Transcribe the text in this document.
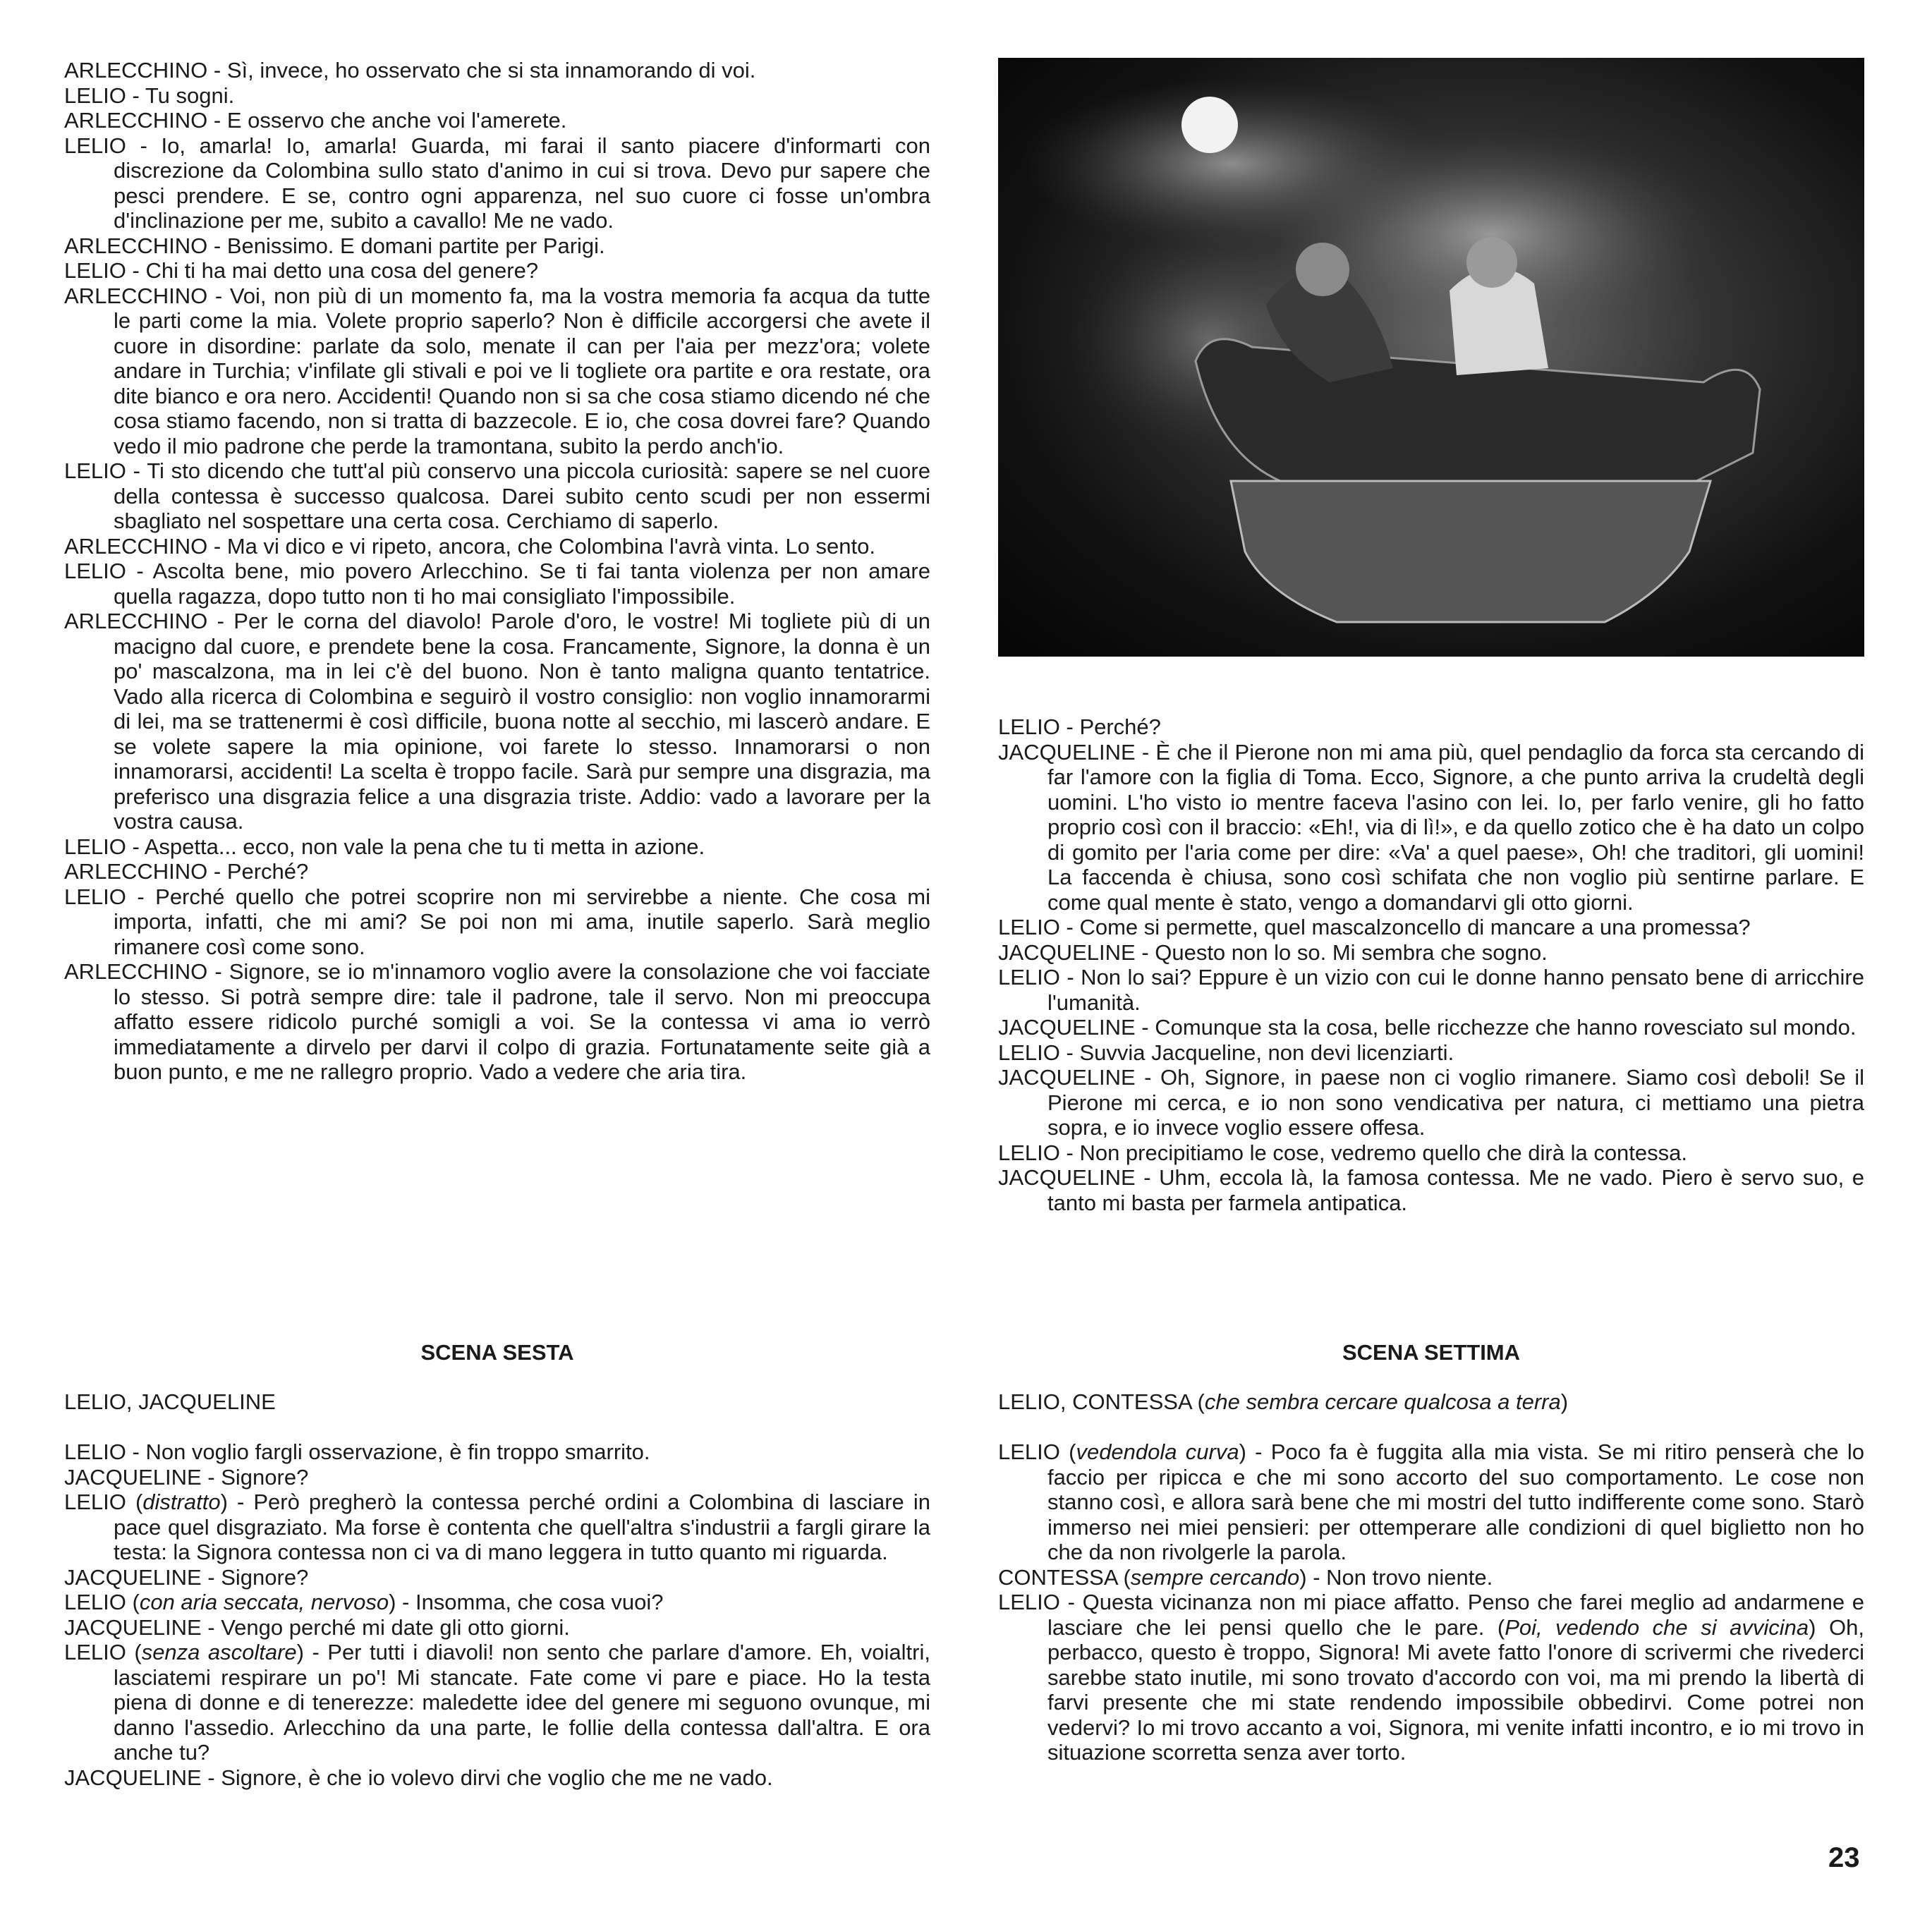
ARLECCHINO - Sì, invece, ho osservato che si sta innamorando di voi.
LELIO - Tu sogni.
ARLECCHINO - E osservo che anche voi l'amerete.
LELIO - Io, amarla! Io, amarla! Guarda, mi farai il santo piacere d'informarti con discrezione da Colombina sullo stato d'animo in cui si trova. Devo pur sapere che pesci prendere. E se, contro ogni apparenza, nel suo cuore ci fosse un'ombra d'inclinazione per me, subito a cavallo! Me ne vado.
ARLECCHINO - Benissimo. E domani partite per Parigi.
LELIO - Chi ti ha mai detto una cosa del genere?
ARLECCHINO - Voi, non più di un momento fa, ma la vostra memoria fa acqua da tutte le parti come la mia. Volete proprio saperlo? Non è difficile accorgersi che avete il cuore in disordine: parlate da solo, menate il can per l'aia per mezz'ora; volete andare in Turchia; v'infilate gli stivali e poi ve li togliete ora partite e ora restate, ora dite bianco e ora nero. Accidenti! Quando non si sa che cosa stiamo dicendo né che cosa stiamo facendo, non si tratta di bazzecole. E io, che cosa dovrei fare? Quando vedo il mio padrone che perde la tramontana, subito la perdo anch'io.
LELIO - Ti sto dicendo che tutt'al più conservo una piccola curiosità: sapere se nel cuore della contessa è successo qualcosa. Darei subito cento scudi per non essermi sbagliato nel sospettare una certa cosa. Cerchiamo di saperlo.
ARLECCHINO - Ma vi dico e vi ripeto, ancora, che Colombina l'avrà vinta. Lo sento.
LELIO - Ascolta bene, mio povero Arlecchino. Se ti fai tanta violenza per non amare quella ragazza, dopo tutto non ti ho mai consigliato l'impossibile.
ARLECCHINO - Per le corna del diavolo! Parole d'oro, le vostre! Mi togliete più di un macigno dal cuore, e prendete bene la cosa. Francamente, Signore, la donna è un po' mascalzona, ma in lei c'è del buono. Non è tanto maligna quanto tentatrice. Vado alla ricerca di Colombina e seguirò il vostro consiglio: non voglio innamorarmi di lei, ma se trattenermi è così difficile, buona notte al secchio, mi lascerò andare. E se volete sapere la mia opinione, voi farete lo stesso. Innamorarsi o non innamorarsi, accidenti! La scelta è troppo facile. Sarà pur sempre una disgrazia, ma preferisco una disgrazia felice a una disgrazia triste. Addio: vado a lavorare per la vostra causa.
LELIO - Aspetta... ecco, non vale la pena che tu ti metta in azione.
ARLECCHINO - Perché?
LELIO - Perché quello che potrei scoprire non mi servirebbe a niente. Che cosa mi importa, infatti, che mi ami? Se poi non mi ama, inutile saperlo. Sarà meglio rimanere così come sono.
ARLECCHINO - Signore, se io m'innamoro voglio avere la consolazione che voi facciate lo stesso. Si potrà sempre dire: tale il padrone, tale il servo. Non mi preoccupa affatto essere ridicolo purché somigli a voi. Se la contessa vi ama io verrò immediatamente a dirvelo per darvi il colpo di grazia. Fortunatamente seite già a buon punto, e me ne rallegro proprio. Vado a vedere che aria tira.
LELIO - Perché?
JACQUELINE - È che il Pierone non mi ama più, quel pendaglio da forca sta cercando di far l'amore con la figlia di Toma. Ecco, Signore, a che punto arriva la crudeltà degli uomini. L'ho visto io mentre faceva l'asino con lei. Io, per farlo venire, gli ho fatto proprio così con il braccio: «Eh!, via di lì!», e da quello zotico che è ha dato un colpo di gomito per l'aria come per dire: «Va' a quel paese», Oh! che traditori, gli uomini! La faccenda è chiusa, sono così schifata che non voglio più sentirne parlare. E come qual mente è stato, vengo a domandarvi gli otto giorni.
LELIO - Come si permette, quel mascalzoncello di mancare a una promessa?
JACQUELINE - Questo non lo so. Mi sembra che sogno.
LELIO - Non lo sai? Eppure è un vizio con cui le donne hanno pensato bene di arricchire l'umanità.
JACQUELINE - Comunque sta la cosa, belle ricchezze che hanno rovesciato sul mondo.
LELIO - Suvvia Jacqueline, non devi licenziarti.
JACQUELINE - Oh, Signore, in paese non ci voglio rimanere. Siamo così deboli! Se il Pierone mi cerca, e io non sono vendicativa per natura, ci mettiamo una pietra sopra, e io invece voglio essere offesa.
LELIO - Non precipitiamo le cose, vedremo quello che dirà la contessa.
JACQUELINE - Uhm, eccola là, la famosa contessa. Me ne vado. Piero è servo suo, e tanto mi basta per farmela antipatica.
SCENA SESTA
LELIO, JACQUELINE
LELIO - Non voglio fargli osservazione, è fin troppo smarrito.
JACQUELINE - Signore?
LELIO (distratto) - Però pregherò la contessa perché ordini a Colombina di lasciare in pace quel disgraziato. Ma forse è contenta che quell'altra s'industrii a fargli girare la testa: la Signora contessa non ci va di mano leggera in tutto quanto mi riguarda.
JACQUELINE - Signore?
LELIO (con aria seccata, nervoso) - Insomma, che cosa vuoi?
JACQUELINE - Vengo perché mi date gli otto giorni.
LELIO (senza ascoltare) - Per tutti i diavoli! non sento che parlare d'amore. Eh, voialtri, lasciatemi respirare un po'! Mi stancate. Fate come vi pare e piace. Ho la testa piena di donne e di tenerezze: maledette idee del genere mi seguono ovunque, mi danno l'assedio. Arlecchino da una parte, le follie della contessa dall'altra. E ora anche tu?
JACQUELINE - Signore, è che io volevo dirvi che voglio che me ne vado.
SCENA SETTIMA
LELIO, CONTESSA (che sembra cercare qualcosa a terra)
LELIO (vedendola curva) - Poco fa è fuggita alla mia vista. Se mi ritiro penserà che lo faccio per ripicca e che mi sono accorto del suo comportamento. Le cose non stanno così, e allora sarà bene che mi mostri del tutto indifferente come sono. Starò immerso nei miei pensieri: per ottemperare alle condizioni di quel biglietto non ho che da non rivolgerle la parola.
CONTESSA (sempre cercando) - Non trovo niente.
LELIO - Questa vicinanza non mi piace affatto. Penso che farei meglio ad andarmene e lasciare che lei pensi quello che le pare. (Poi, vedendo che si avvicina) Oh, perbacco, questo è troppo, Signora! Mi avete fatto l'onore di scrivermi che rivederci sarebbe stato inutile, mi sono trovato d'accordo con voi, ma mi prendo la libertà di farvi presente che mi state rendendo impossibile obbedirvi. Come potrei non vedervi? Io mi trovo accanto a voi, Signora, mi venite infatti incontro, e io mi trovo in situazione scorretta senza aver torto.
23
